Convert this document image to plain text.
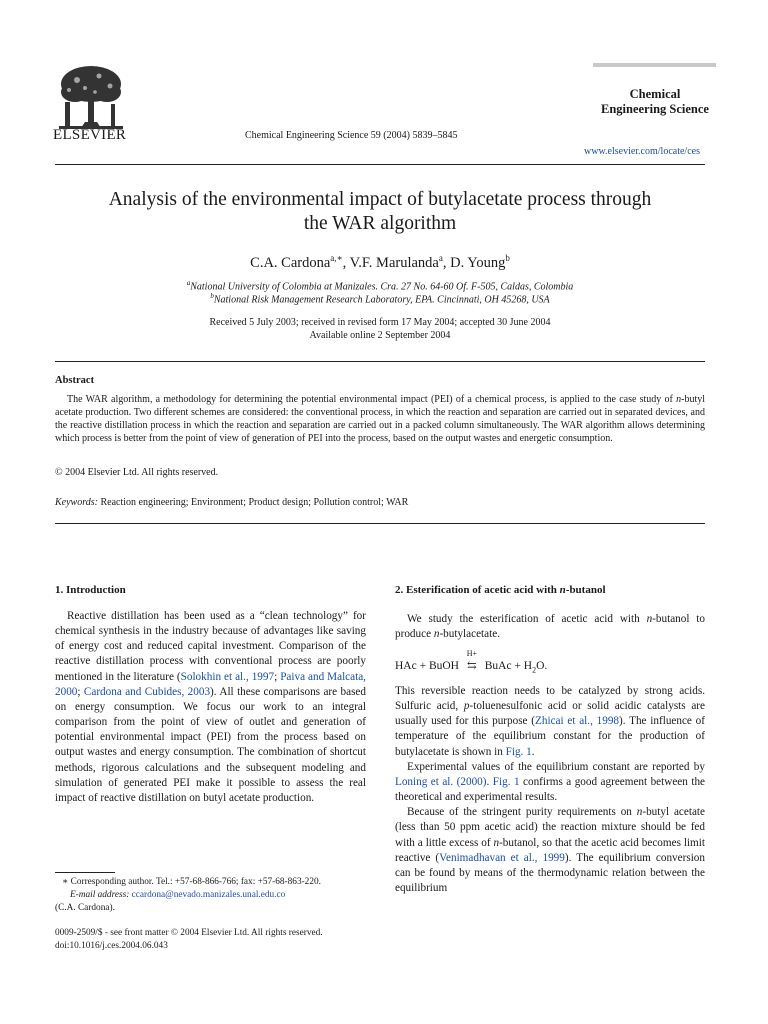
ELSEVIER	Chemical Engineering Science 59 (2004) 5839–5845
Chemical
Engineering Science
www.elsevier.com/locate/ces
Analysis of the environmental impact of butylacetate process through
the WAR algorithm
C.A. Cardona$^{a,∗}$, V.F. Marulanda$^a$, D. Young$^b$
$^a$National University of Colombia at Manizales. Cra. 27 No. 64-60 Of. F-505, Caldas, Colombia
$^b$National Risk Management Research Laboratory, EPA. Cincinnati, OH 45268, USA
Received 5 July 2003; received in revised form 17 May 2004; accepted 30 June 2004
Available online 2 September 2004
Abstract
The WAR algorithm, a methodology for determining the potential environmental impact (PEI) of a chemical process, is applied to the case study of n-butyl acetate production. Two different schemes are considered: the conventional process, in which the reaction and separation are carried out in separated devices, and the reactive distillation process in which the reaction and separation are carried out in a packed column simultaneously. The WAR algorithm allows determining which process is better from the point of view of generation of PEI into the process, based on the output wastes and energetic consumption.
© 2004 Elsevier Ltd. All rights reserved.
Keywords: Reaction engineering; Environment; Product design; Pollution control; WAR
1. Introduction

Reactive distillation has been used as a “clean technology” for chemical synthesis in the industry because of advantages like saving of energy cost and reduced capital investment. Comparison of the reactive distillation process with conventional process are poorly mentioned in the literature (Solokhin et al., 1997; Paiva and Malcata, 2000; Cardona and Cubides, 2003). All these comparisons are based on energy consumption. We focus our work to an integral comparison from the point of view of outlet and generation of potential environmental impact (PEI) from the process based on output wastes and energy consumption. The combination of shortcut methods, rigorous calculations and the subsequent modeling and simulation of generated PEI make it possible to assess the real impact of reactive distillation on butyl acetate production.

2. Esterification of acetic acid with n-butanol

We study the esterification of acetic acid with n-butanol to produce n-butylacetate.

HAc + BuOH
H+
⇆ BuAc + $H_2O$.

This reversible reaction needs to be catalyzed by strong acids. Sulfuric acid, p-toluenesulfonic acid or solid acidic catalysts are usually used for this purpose (Zhicai et al., 1998). The influence of temperature of the equilibrium constant for the production of butylacetate is shown in Fig. 1.

Experimental values of the equilibrium constant are reported by Loning et al. (2000). Fig. 1 confirms a good agreement between the theoretical and experimental results.

Because of the stringent purity requirements on n-butyl acetate (less than 50 ppm acetic acid) the reaction mixture should be fed with a little excess of n-butanol, so that the acetic acid becomes limit reactive (Venimadhavan et al., 1999). The equilibrium conversion can be found by means of the thermodynamic relation between the equilibrium

∗ Corresponding author. Tel.: +57-68-866-766; fax: +57-68-863-220.
E-mail address: ccardona@nevado.manizales.unal.edu.co
(C.A. Cardona).
0009-2509/$ - see front matter © 2004 Elsevier Ltd. All rights reserved.
doi:10.1016/j.ces.2004.06.043
